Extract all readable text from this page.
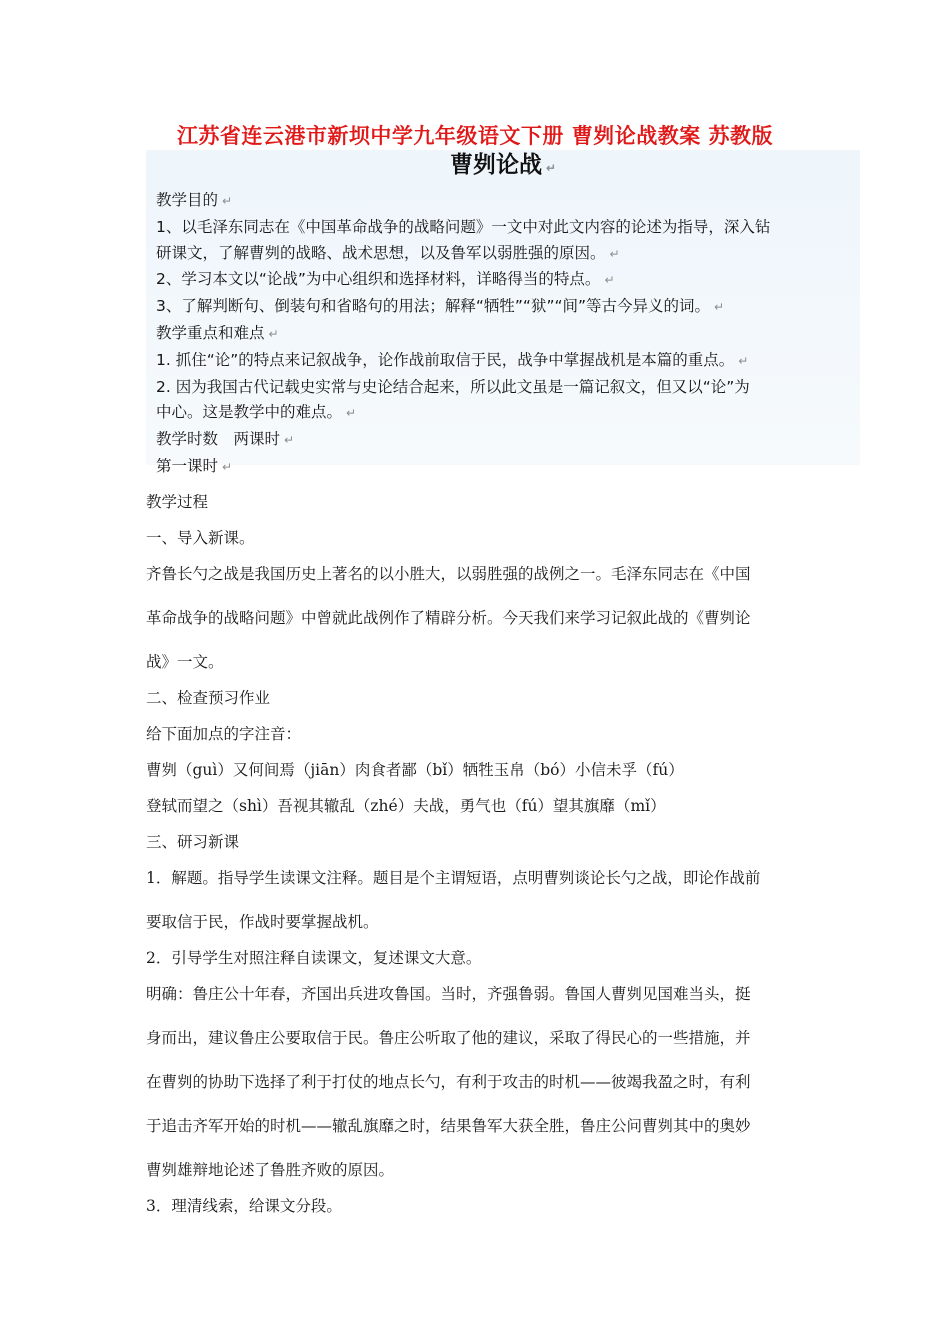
江苏省连云港市新坝中学九年级语文下册 曹刿论战教案 苏教版
曹刿论战 ↵
教学目的 ↵
1、以毛泽东同志在《中国革命战争的战略问题》一文中对此文内容的论述为指导，深入钻
研课文，了解曹刿的战略、战术思想，以及鲁军以弱胜强的原因。 ↵
2、学习本文以“论战”为中心组织和选择材料，详略得当的特点。 ↵
3、了解判断句、倒装句和省略句的用法；解释“牺牲”“狱”“间”等古今异义的词。 ↵
教学重点和难点 ↵
1. 抓住“论”的特点来记叙战争，论作战前取信于民，战争中掌握战机是本篇的重点。 ↵
2. 因为我国古代记载史实常与史论结合起来，所以此文虽是一篇记叙文，但又以“论”为
中心。这是教学中的难点。 ↵
教学时数　两课时 ↵
第一课时 ↵
教学过程
一、导入新课。
齐鲁长勺之战是我国历史上著名的以小胜大，以弱胜强的战例之一。毛泽东同志在《中国
革命战争的战略问题》中曾就此战例作了精辟分析。今天我们来学习记叙此战的《曹刿论
战》一文。
二、检查预习作业
给下面加点的字注音：
曹刿（guì）又何间焉（jiān）肉食者鄙（bǐ）牺牲玉帛（bó）小信未孚（fú）
登轼而望之（shì）吾视其辙乱（zhé）夫战，勇气也（fú）望其旗靡（mǐ）
三、研习新课
1．解题。指导学生读课文注释。题目是个主谓短语，点明曹刿谈论长勺之战，即论作战前
要取信于民，作战时要掌握战机。
2．引导学生对照注释自读课文，复述课文大意。
明确：鲁庄公十年春，齐国出兵进攻鲁国。当时，齐强鲁弱。鲁国人曹刿见国难当头，挺
身而出，建议鲁庄公要取信于民。鲁庄公听取了他的建议，采取了得民心的一些措施，并
在曹刿的协助下选择了利于打仗的地点长勺，有利于攻击的时机——彼竭我盈之时，有利
于追击齐军开始的时机——辙乱旗靡之时，结果鲁军大获全胜，鲁庄公问曹刿其中的奥妙
曹刿雄辩地论述了鲁胜齐败的原因。
3．理清线索，给课文分段。
